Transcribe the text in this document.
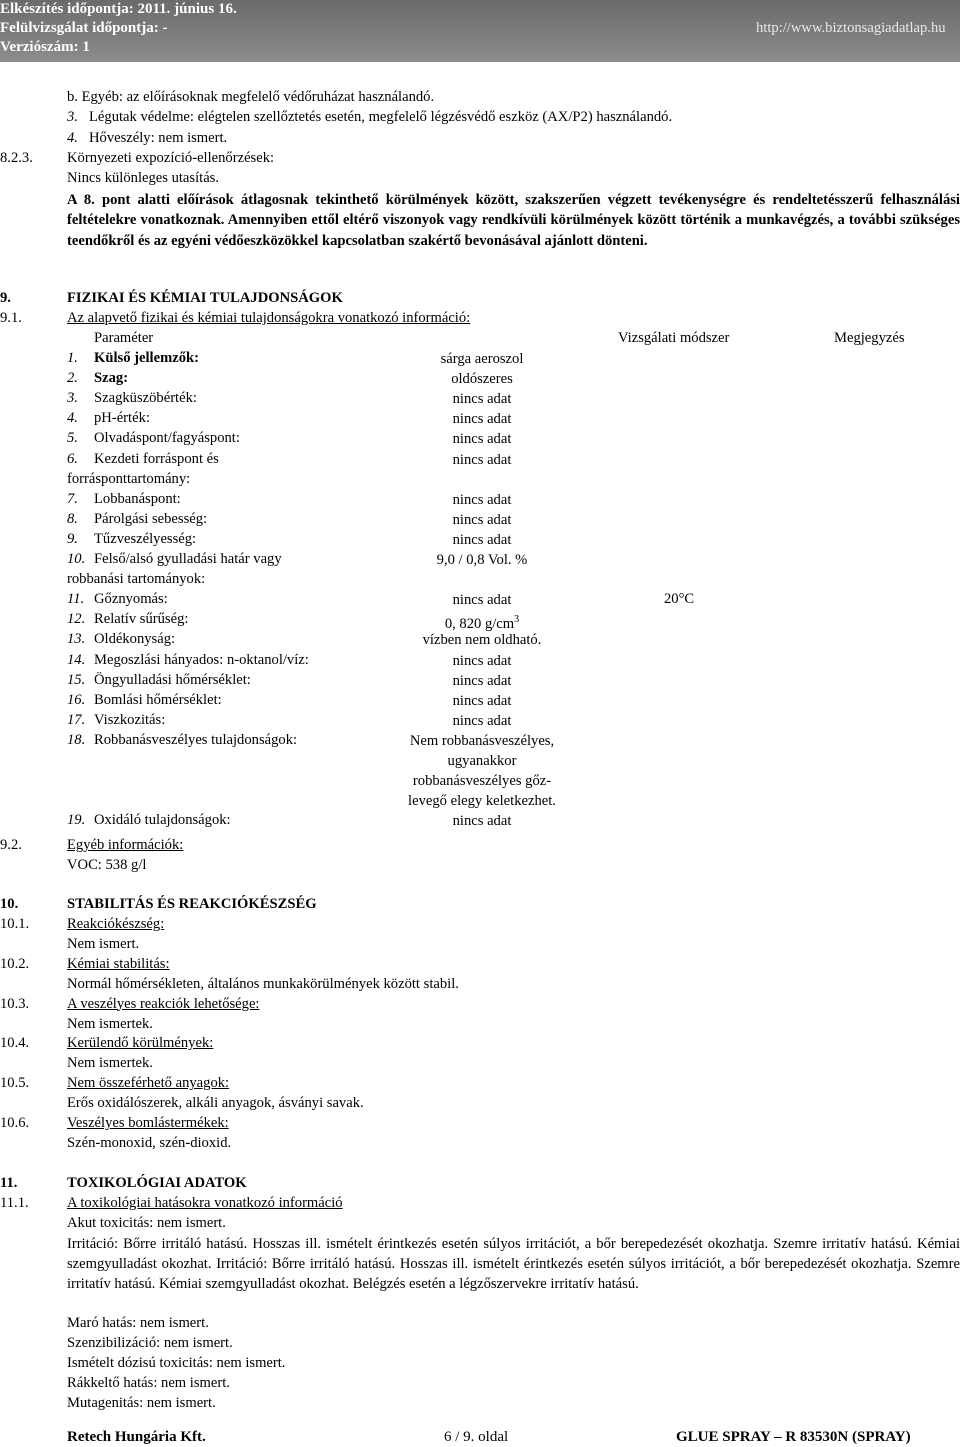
Elkészítés időpontja: 2011. június 16.
Felülvizsgálat időpontja: -
Verziószám: 1
http://www.biztonsagiadatlap.hu
b. Egyéb: az előírásoknak megfelelő védőruházat használandó.
3. Légutak védelme: elégtelen szellőztetés esetén, megfelelő légzésvédő eszköz (AX/P2) használandó.
4. Hőveszély: nem ismert.
8.2.3. Környezeti expozíció-ellenőrzések:
Nincs különleges utasítás.
A 8. pont alatti előírások átlagosnak tekinthető körülmények között, szakszerűen végzett tevékenységre és rendeltetésszerű felhasználási feltételekre vonatkoznak. Amennyiben ettől eltérő viszonyok vagy rendkívüli körülmények között történik a munkavégzés, a további szükséges teendőkről és az egyéni védőeszközökkel kapcsolatban szakértő bevonásával ajánlott dönteni.
9.	FIZIKAI ÉS KÉMIAI TULAJDONSÁGOK
9.1.	Az alapvető fizikai és kémiai tulajdonságokra vonatkozó információ:
Paraméter	Vizsgálati módszer	Megjegyzés
1. Külső jellemzők:	sárga aeroszol
2. Szag:	oldószeres
3. Szagküszöbérték:	nincs adat
4. pH-érték:	nincs adat
5. Olvadáspont/fagyáspont:	nincs adat
6. Kezdeti forráspont és
forrásponttartomány:
nincs adat
7. Lobbanáspont:	nincs adat
8. Párolgási sebesség:	nincs adat
9. Tűzveszélyesség:	nincs adat
10. Felső/alsó gyulladási határ vagy
robbanási tartományok:
9,0 / 0,8 Vol. %
11. Gőznyomás:	nincs adat	20°C
12. Relatív sűrűség:	0, 820 $g/cm^3$
13. Oldékonyság:	vízben nem oldható.
14. Megoszlási hányados: n-oktanol/víz:	nincs adat
15. Öngyulladási hőmérséklet:	nincs adat
16. Bomlási hőmérséklet:	nincs adat
17. Viszkozitás:	nincs adat
18. Robbanásveszélyes tulajdonságok:	Nem robbanásveszélyes,
ugyanakkor
robbanásveszélyes gőz-
levegő elegy keletkezhet.
19. Oxidáló tulajdonságok:	nincs adat
9.2.	Egyéb információk:
VOC: 538 g/l
10.	STABILITÁS ÉS REAKCIÓKÉSZSÉG
10.1.	Reakciókészség:
Nem ismert.
10.2.	Kémiai stabilitás:
Normál hőmérsékleten, általános munkakörülmények között stabil.
10.3.	A veszélyes reakciók lehetősége:
Nem ismertek.
10.4.	Kerülendő körülmények:
Nem ismertek.
10.5.	Nem összeférhető anyagok:
Erős oxidálószerek, alkáli anyagok, ásványi savak.
10.6.	Veszélyes bomlástermékek:
Szén-monoxid, szén-dioxid.
11.	TOXIKOLÓGIAI ADATOK
11.1.	A toxikológiai hatásokra vonatkozó információ
Akut toxicitás: nem ismert.
Irritáció: Bőrre irritáló hatású. Hosszas ill. ismételt érintkezés esetén súlyos irritációt, a bőr berepedezését okozhatja. Szemre irritatív hatású. Kémiai szemgyulladást okozhat. Irritáció: Bőrre irritáló hatású. Hosszas ill. ismételt érintkezés esetén súlyos irritációt, a bőr berepedezését okozhatja. Szemre irritatív hatású. Kémiai szemgyulladást okozhat. Belégzés esetén a légzőszervekre irritatív hatású.
Maró hatás: nem ismert.
Szenzibilizáció: nem ismert.
Ismételt dózisú toxicitás: nem ismert.
Rákkeltő hatás: nem ismert.
Mutagenitás: nem ismert.
Retech Hungária Kft.	6 / 9. oldal	GLUE SPRAY – R 83530N (SPRAY)
